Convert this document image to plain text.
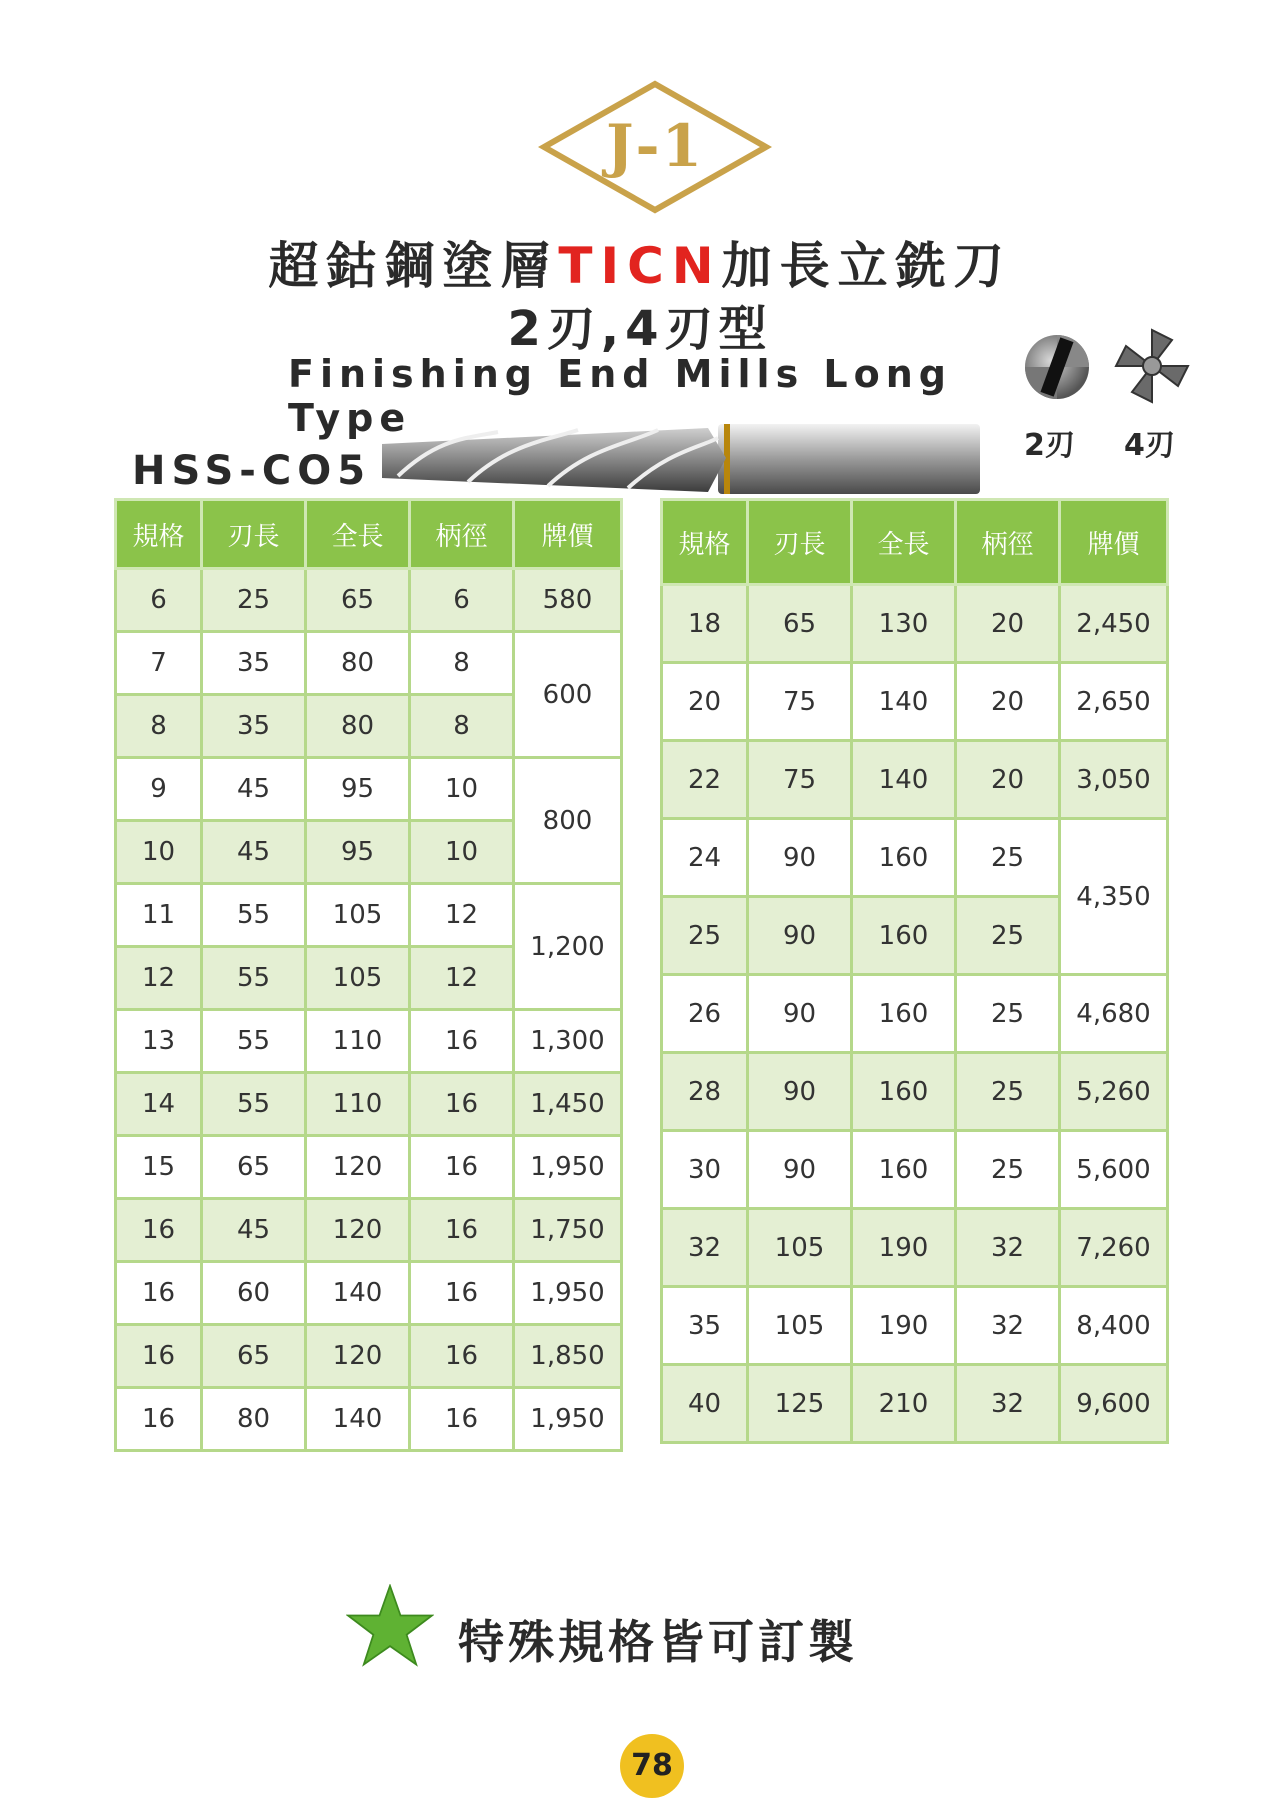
J-1
超鈷鋼塗層TICN加長立銑刀
2刃,4刃型
Finishing End Mills Long Type
2刃 4刃
HSS-CO5
規格	刃長	全長	柄徑	牌價
6	25	65	6	580
7	35	80	8	600
8	35	80	8	
9	45	95	10	800
10	45	95	10	
11	55	105	12	1,200
12	55	105	12	
13	55	110	16	1,300
14	55	110	16	1,450
15	65	120	16	1,950
16	45	120	16	1,750
16	60	140	16	1,950
16	65	120	16	1,850
16	80	140	16	1,950
規格	刃長	全長	柄徑	牌價
18	65	130	20	2,450
20	75	140	20	2,650
22	75	140	20	3,050
24	90	160	25	4,350
25	90	160	25	
26	90	160	25	4,680
28	90	160	25	5,260
30	90	160	25	5,600
32	105	190	32	7,260
35	105	190	32	8,400
40	125	210	32	9,600
特殊規格皆可訂製
78
